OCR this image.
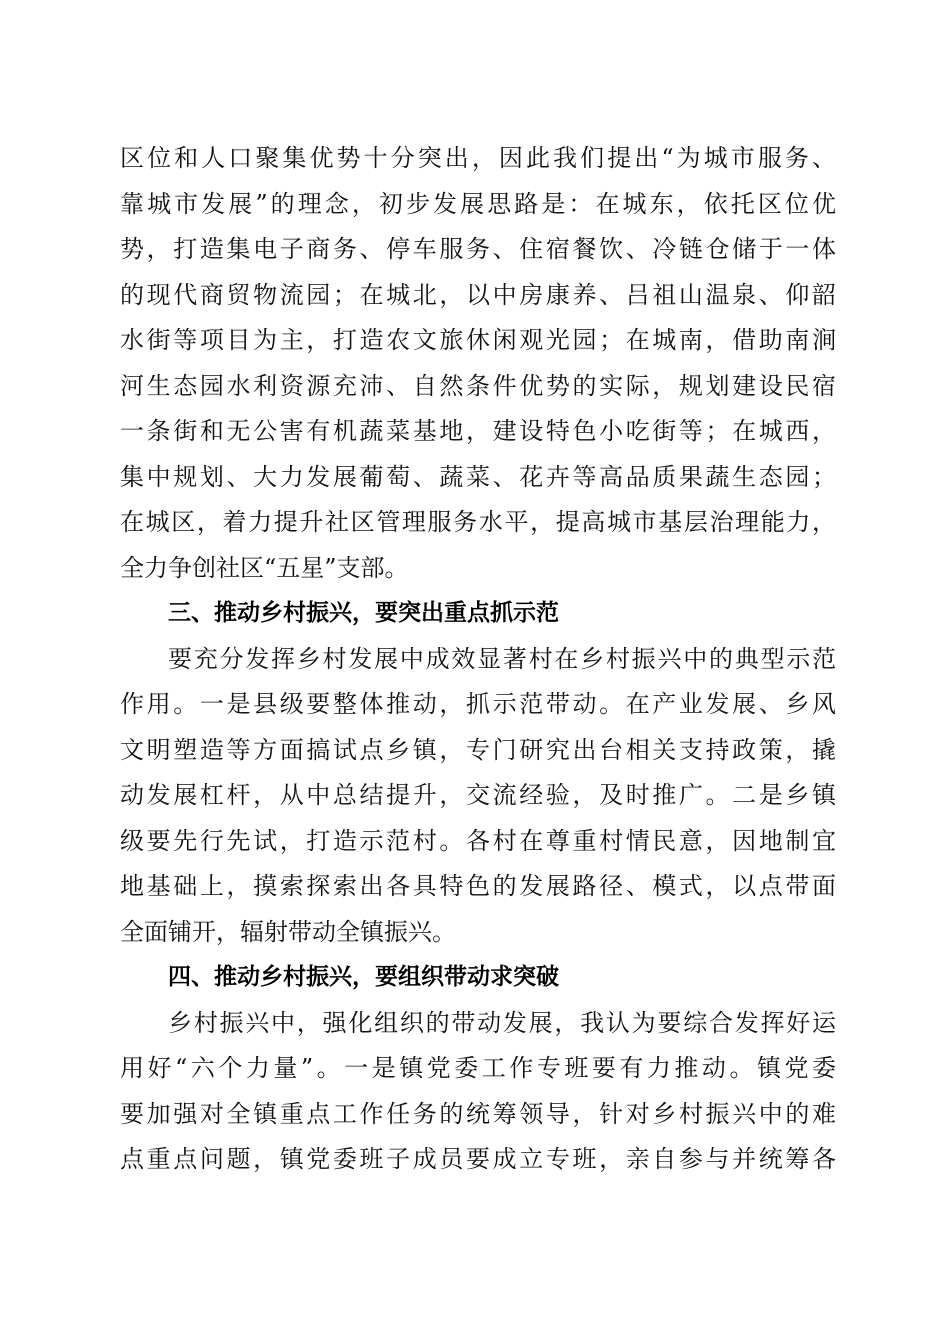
区位和人口聚集优势十分突出，因此我们提出“为城市服务、
靠城市发展”的理念，初步发展思路是：在城东，依托区位优
势，打造集电子商务、停车服务、住宿餐饮、冷链仓储于一体
的现代商贸物流园；在城北，以中房康养、吕祖山温泉、仰韶
水街等项目为主，打造农文旅休闲观光园；在城南，借助南涧
河生态园水利资源充沛、自然条件优势的实际，规划建设民宿
一条街和无公害有机蔬菜基地，建设特色小吃街等；在城西，
集中规划、大力发展葡萄、蔬菜、花卉等高品质果蔬生态园；
在城区，着力提升社区管理服务水平，提高城市基层治理能力，
全力争创社区“五星”支部。
三、推动乡村振兴，要突出重点抓示范
要充分发挥乡村发展中成效显著村在乡村振兴中的典型示范
作用。一是县级要整体推动，抓示范带动。在产业发展、乡风
文明塑造等方面搞试点乡镇，专门研究出台相关支持政策，撬
动发展杠杆，从中总结提升，交流经验，及时推广。二是乡镇
级要先行先试，打造示范村。各村在尊重村情民意，因地制宜
地基础上，摸索探索出各具特色的发展路径、模式，以点带面
全面铺开，辐射带动全镇振兴。
四、推动乡村振兴，要组织带动求突破
乡村振兴中，强化组织的带动发展，我认为要综合发挥好运
用好“六个力量”。一是镇党委工作专班要有力推动。镇党委
要加强对全镇重点工作任务的统筹领导，针对乡村振兴中的难
点重点问题，镇党委班子成员要成立专班，亲自参与并统筹各
